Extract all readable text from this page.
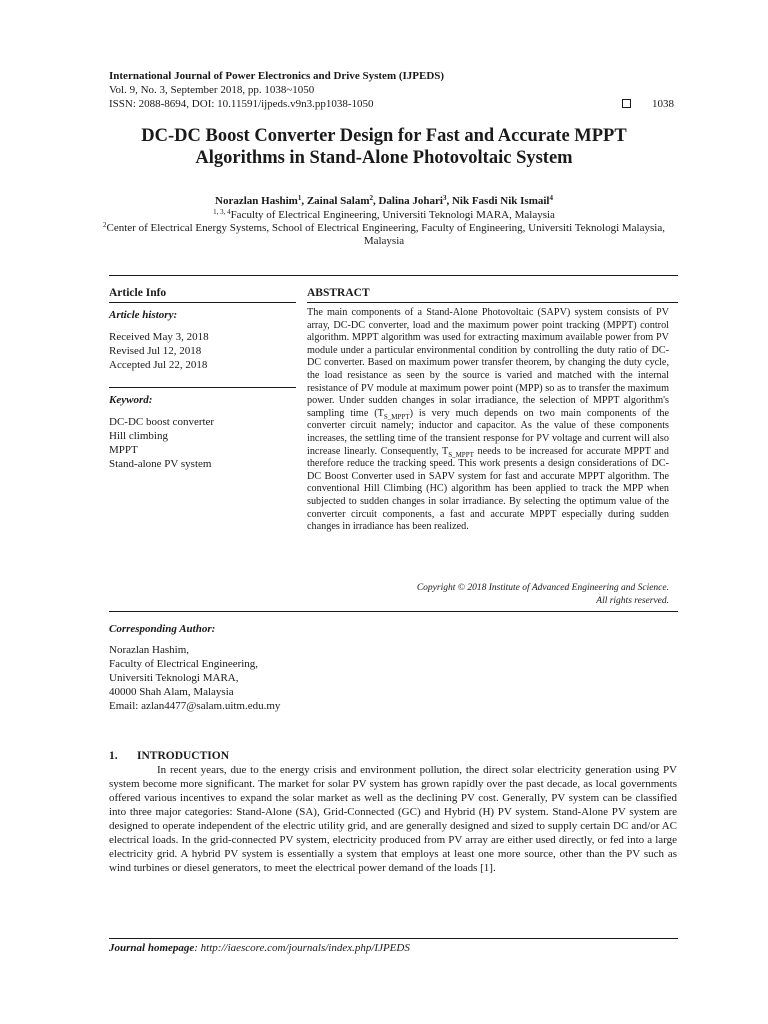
International Journal of Power Electronics and Drive System (IJPEDS)
Vol. 9, No. 3, September 2018, pp. 1038~1050
ISSN: 2088-8694, DOI: 10.11591/ijpeds.v9n3.pp1038-1050	1038
DC-DC Boost Converter Design for Fast and Accurate MPPT Algorithms in Stand-Alone Photovoltaic System
Norazlan Hashim$^1$, Zainal Salam$^2$, Dalina Johari$^3$, Nik Fasdi Nik Ismail$^4$
$^{1, 3, 4}$Faculty of Electrical Engineering, Universiti Teknologi MARA, Malaysia
$^2$Center of Electrical Energy Systems, School of Electrical Engineering, Faculty of Engineering, Universiti Teknologi Malaysia, Malaysia
Article Info	ABSTRACT
Article history:
Received May 3, 2018
Revised Jul 12, 2018
Accepted Jul 22, 2018
Keyword:
DC-DC boost converter
Hill climbing
MPPT
Stand-alone PV system

The main components of a Stand-Alone Photovoltaic (SAPV) system consists of PV array, DC-DC converter, load and the maximum power point tracking (MPPT) control algorithm. MPPT algorithm was used for extracting maximum available power from PV module under a particular environmental condition by controlling the duty ratio of DC-DC converter. Based on maximum power transfer theorem, by changing the duty cycle, the load resistance as seen by the source is varied and matched with the internal resistance of PV module at maximum power point (MPP) so as to transfer the maximum power. Under sudden changes in solar irradiance, the selection of MPPT algorithm's sampling time $(T_{S\_MPPT})$ is very much depends on two main components of the converter circuit namely; inductor and capacitor. As the value of these components increases, the settling time of the transient response for PV voltage and current will also increase linearly. Consequently, $T_{S\_MPPT}$ needs to be increased for accurate MPPT and therefore reduce the tracking speed. This work presents a design considerations of DC-DC Boost Converter used in SAPV system for fast and accurate MPPT algorithm. The conventional Hill Climbing (HC) algorithm has been applied to track the MPP when subjected to sudden changes in solar irradiance. By selecting the optimum value of the converter circuit components, a fast and accurate MPPT especially during sudden changes in irradiance has been realized.

Copyright © 2018 Institute of Advanced Engineering and Science.
All rights reserved.
Corresponding Author:
Norazlan Hashim,
Faculty of Electrical Engineering,
Universiti Teknologi MARA,
40000 Shah Alam, Malaysia
Email: azlan4477@salam.uitm.edu.my
1. INTRODUCTION

In recent years, due to the energy crisis and environment pollution, the direct solar electricity generation using PV system become more significant. The market for solar PV system has grown rapidly over the past decade, as local governments offered various incentives to expand the solar market as well as the declining PV cost. Generally, PV system can be classified into three major categories: Stand-Alone (SA), Grid-Connected (GC) and Hybrid (H) PV system. Stand-Alone PV system are designed to operate independent of the electric utility grid, and are generally designed and sized to supply certain DC and/or AC electrical loads. In the grid-connected PV system, electricity produced from PV array are either used directly, or fed into a large electricity grid. A hybrid PV system is essentially a system that employs at least one more source, other than the PV such as wind turbines or diesel generators, to meet the electrical power demand of the loads [1].

Journal homepage: http://iaescore.com/journals/index.php/IJPEDS
